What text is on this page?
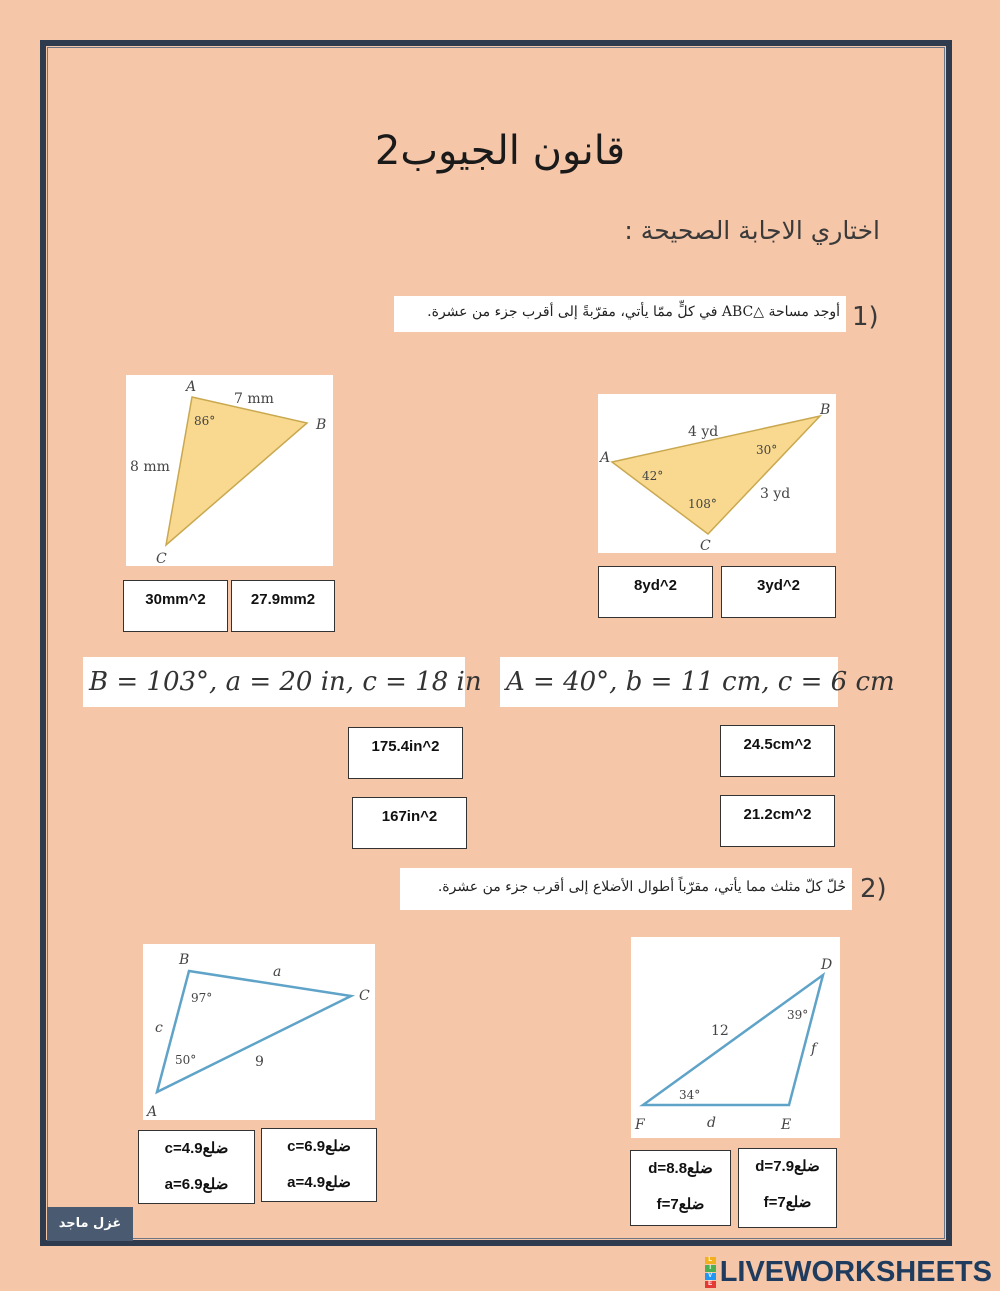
قانون الجيوب2
اختاري الاجابة الصحيحة :
1)
أوجد مساحة △ABC في كلٍّ ممّا يأتي، مقرّبةً إلى أقرب جزء من عشرة.
A
B
C
7 mm
8 mm
86°
30mm^2	27.9mm2
A
B
C
4 yd
3 yd
42°
30°
108°
8yd^2	3yd^2
B = 103°, a = 20 in, c = 18 in A = 40°, b = 11 cm, c = 6 cm
175.4in^2
167in^2
24.5cm^2
21.2cm^2
2)
حُلّ كلّ مثلث مما يأتي، مقرّباً أطوال الأضلاع إلى أقرب جزء من عشرة.
B
C
A
a
9
c
97°
50°
c=4.9ضلع
a=6.9ضلع
c=6.9ضلع
a=4.9ضلع
D
E
F
12
f
d
39°
34°
d=8.8ضلع
f=7ضلع
d=7.9ضلع
f=7ضلع
غزل ماجد
L
I
V
E LIVEWORKSHEETS
